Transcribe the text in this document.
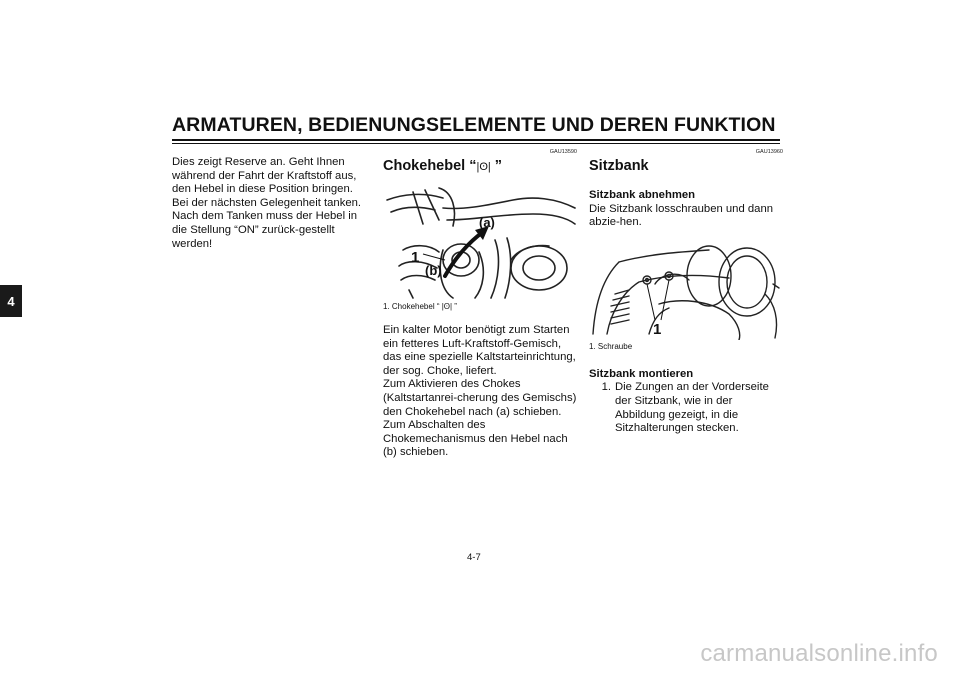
ARMATUREN, BEDIENUNGSELEMENTE UND DEREN FUNKTION
4

Dies zeigt Reserve an. Geht Ihnen während der Fahrt der Kraftstoff aus, den Hebel in diese Position bringen. Bei der nächsten Gelegenheit tanken. Nach dem Tanken muss der Hebel in die Stellung “ON” zurück-gestellt werden!

GAU13590
Chokehebel “|ʘ| ”
1
(a)
(b)
1. Chokehebel “ |ʘ| ”

Ein kalter Motor benötigt zum Starten ein fetteres Luft-Kraftstoff-Gemisch, das eine spezielle Kaltstarteinrichtung, der sog. Choke, liefert.

Zum Aktivieren des Chokes (Kaltstartanrei-cherung des Gemischs) den Chokehebel nach (a) schieben.

Zum Abschalten des Chokemechanismus den Hebel nach (b) schieben.

GAU13960
Sitzbank

Sitzbank abnehmen

Die Sitzbank losschrauben und dann abzie-hen.

1
1. Schraube

Sitzbank montieren

1. Die Zungen an der Vorderseite der Sitzbank, wie in der Abbildung gezeigt, in die Sitzhalterungen stecken.
4-7
carmanualsonline.info
